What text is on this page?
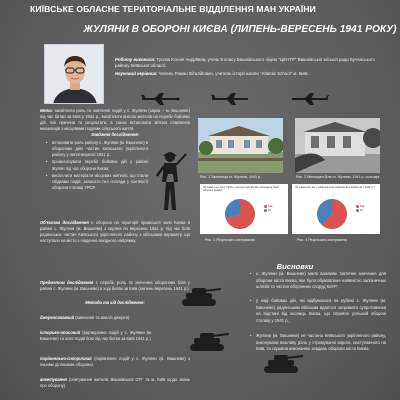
КИЇВСЬКЕ ОБЛАСНЕ ТЕРИТОРІАЛЬНЕ ВІДДІЛЕННЯ МАН УКРАЇНИ
ЖУЛЯНИ В ОБОРОНІ КИЄВА (ЛИПЕНЬ-ВЕРЕСЕНЬ 1941 РОКУ)
Роботу виконала: Гусєва Ксенія Андріївна, учень 9 класу Вишнівського ліцею "ЦЕНТР" Вишнівської міської ради Бучанського району Київської області.
Науковий керівник: Чепель Роман Віталійович, учитель історії школи "Atlantic School" м. Київ.
Мета: висвітлити роль та значення подій у с. Жуляни (зараз – м. Вишневе) під час битви за Київ у 1941 р., висвітлити внесок жителів на перебіг бойових дій, їхні причини та результати, а також встановити зв'язок ставлення мешканців з місцевими подіями сільського життя.
Завдання дослідження:
• встановити роль району с. Жуляни (м. Вишневе) в оборонних діях частин Київського укріпленого району у липні-вересні 1941 р.;
• проаналізувати перебіг бойових дій у районі Жулян під час оборони Києва;
• висвітлити матеріали місцевих жителів, що стали свідками подій, записати їхні спогади у контексті оборони столиці УРСР.
Об'єктом дослідження є оборона на території приміської зони Києва в районі с. Жуляни (м. Вишневе) з серпня по вересень 1941 р. під час боїв радянських частин Київського укріпленого району з військами вермахту, що наступали на місто з південно-західного напрямку.
Предметом дослідження є перебіг, роль та значення оборонних боїв у районі с. Жуляни (м. Вишневе) в ході битви за Київ (липень-вересень 1941 р.).
Методи та хід дослідження:
джерелознавчий (вивчення та аналіз джерел)
історико-описовий (відтворення подій у с. Жуляни (м. Вишневе) та опис подій бою під час битви за Київ 1941 р.)
порівняльно-історичний (порівняння подій у с. Жуляни (м. Вишневе) з іншими ділянками оборони)
анкетування (опитування жителів Вишнівської ОТГ та м. Київ щодо знань про оборону)
Рис. 1 Залізниця ст. Жуляни, 1941 р.	Рис. 2 Меморіал біля ст. Жуляни, 1941 р. сьогодні
Чи знаєте ви, що у 1941 р. на території Жулян проходила лінія оборони Києва?
Так
Ні
Рис. 3 Результати опитування
Чи знаєте ви, що у районі Жулян відбувалися бойові дії у 1941 р.?
Так
Ні
Рис. 4 Результати опитування
Висновки
• с. Жуляни (м. Вишневе) мало важливе тактичне значення для оборони міста Києва, яке було обумовлене наявністю залізничних шляхів та частин оборонних споруд КиУР;
• у ході бойових дій, які відбувалися на рубежі с. Жуляни (м. Вишневе) радянським військам вдалося затримати супротивника на відстані від околиць Києва, що сприяло успішній обороні столиці у 1941 р.;
• Жуляни (м. Вишневе) не частина Київського укріпленого району, виконували важливу роль у стримуванні ворога, наступаючого на Київ, та сприяли виконанню завдань оборони міста Києва.
